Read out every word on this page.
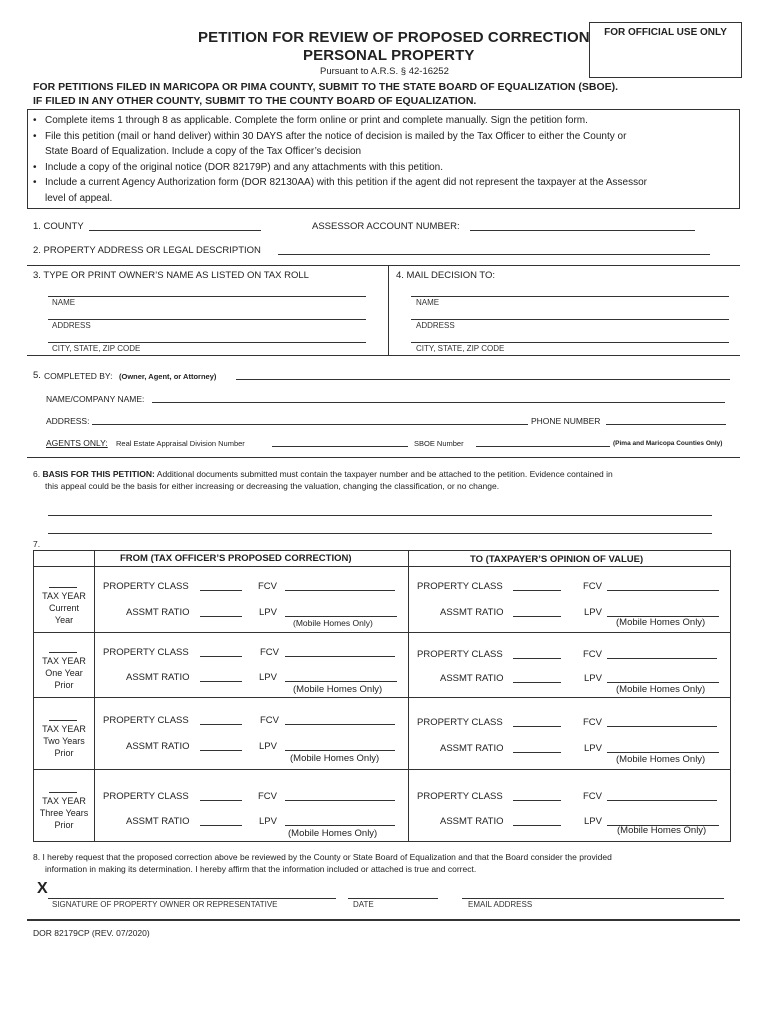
PETITION FOR REVIEW OF PROPOSED CORRECTION
PERSONAL PROPERTY
Pursuant to A.R.S. § 42-16252
FOR OFFICIAL USE ONLY
FOR PETITIONS FILED IN MARICOPA OR PIMA COUNTY, SUBMIT TO THE STATE BOARD OF EQUALIZATION (SBOE).
IF FILED IN ANY OTHER COUNTY, SUBMIT TO THE COUNTY BOARD OF EQUALIZATION.
• Complete items 1 through 8 as applicable. Complete the form online or print and complete manually. Sign the petition form.
• File this petition (mail or hand deliver) within 30 DAYS after the notice of decision is mailed by the Tax Officer to either the County or
State Board of Equalization. Include a copy of the Tax Officer’s decision
• Include a copy of the original notice (DOR 82179P) and any attachments with this petition.
• Include a current Agency Authorization form (DOR 82130AA) with this petition if the agent did not represent the taxpayer at the Assessor
level of appeal.
1. COUNTY	ASSESSOR ACCOUNT NUMBER:
2. PROPERTY ADDRESS OR LEGAL DESCRIPTION
3. TYPE OR PRINT OWNER’S NAME AS LISTED ON TAX ROLL	4. MAIL DECISION TO:
NAME
ADDRESS
CITY, STATE, ZIP CODE
NAME
ADDRESS
CITY, STATE, ZIP CODE
5. COMPLETED BY: (Owner, Agent, or Attorney)
NAME/COMPANY NAME:
ADDRESS:	PHONE NUMBER
AGENTS ONLY: Real Estate Appraisal Division Number	SBOE Number	(Pima and Maricopa Counties Only)
6. BASIS FOR THIS PETITION: Additional documents submitted must contain the taxpayer number and be attached to the petition. Evidence contained in
this appeal could be the basis for either increasing or decreasing the valuation, changing the classification, or no change.
7.
FROM (TAX OFFICER’S PROPOSED CORRECTION)	TO (TAXPAYER’S OPINION OF VALUE)
TAX YEAR
Current
Year
PROPERTY CLASS	FCV
ASSMT RATIO	LPV
(Mobile Homes Only)
PROPERTY CLASS	FCV
ASSMT RATIO	LPV
(Mobile Homes Only)
TAX YEAR
One Year
Prior
PROPERTY CLASS	FCV
ASSMT RATIO	LPV
(Mobile Homes Only)
PROPERTY CLASS	FCV
ASSMT RATIO	LPV
(Mobile Homes Only)
TAX YEAR
Two Years
Prior
PROPERTY CLASS	FCV
ASSMT RATIO	LPV
(Mobile Homes Only)
PROPERTY CLASS	FCV
ASSMT RATIO	LPV
(Mobile Homes Only)
TAX YEAR
Three Years
Prior
PROPERTY CLASS	FCV
ASSMT RATIO	LPV
(Mobile Homes Only)
PROPERTY CLASS	FCV
ASSMT RATIO	LPV
(Mobile Homes Only)
8. I hereby request that the proposed correction above be reviewed by the County or State Board of Equalization and that the Board consider the provided
information in making its determination. I hereby affirm that the information included or attached is true and correct.
X
SIGNATURE OF PROPERTY OWNER OR REPRESENTATIVE	DATE	EMAIL ADDRESS
DOR 82179CP (REV. 07/2020)
